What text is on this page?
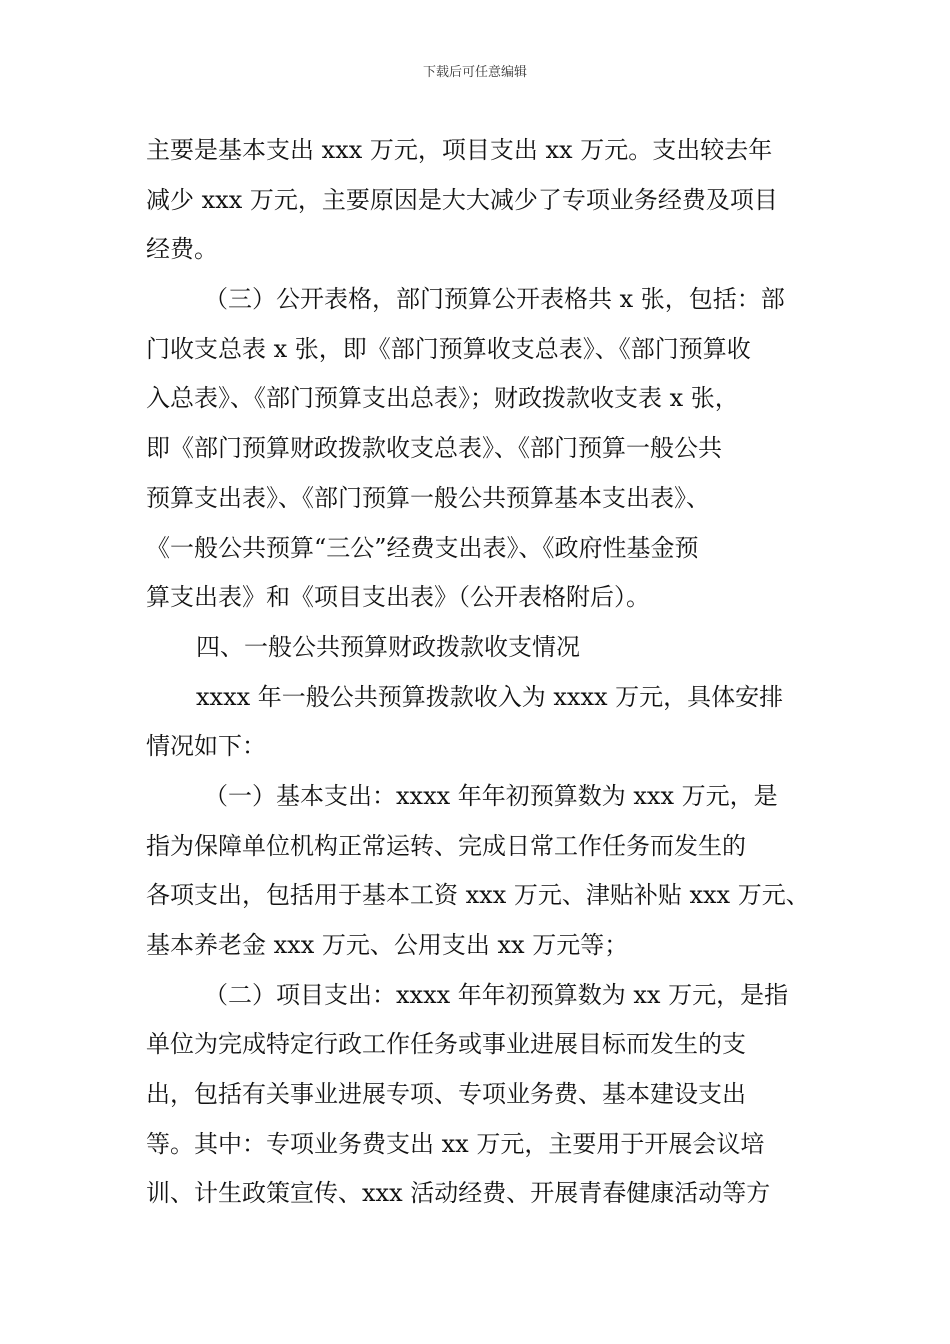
下载后可任意编辑
主要是基本支出 xxx 万元，项目支出 xx 万元。支出较去年
减少 xxx 万元，主要原因是大大减少了专项业务经费及项目
经费。
（三）公开表格，部门预算公开表格共 x 张，包括：部
门收支总表 x 张，即《部门预算收支总表》、《部门预算收
入总表》、《部门预算支出总表》；财政拨款收支表 x 张，
即《部门预算财政拨款收支总表》、《部门预算一般公共
预算支出表》、《部门预算一般公共预算基本支出表》、
《一般公共预算“三公”经费支出表》、《政府性基金预
算支出表》和《项目支出表》（公开表格附后）。
四、一般公共预算财政拨款收支情况
xxxx 年一般公共预算拨款收入为 xxxx 万元，具体安排
情况如下：
（一）基本支出：xxxx 年年初预算数为 xxx 万元，是
指为保障单位机构正常运转、完成日常工作任务而发生的
各项支出，包括用于基本工资 xxx 万元、津贴补贴 xxx 万元、
基本养老金 xxx 万元、公用支出 xx 万元等；
（二）项目支出：xxxx 年年初预算数为 xx 万元，是指
单位为完成特定行政工作任务或事业进展目标而发生的支
出，包括有关事业进展专项、专项业务费、基本建设支出
等。其中：专项业务费支出 xx 万元，主要用于开展会议培
训、计生政策宣传、xxx 活动经费、开展青春健康活动等方
